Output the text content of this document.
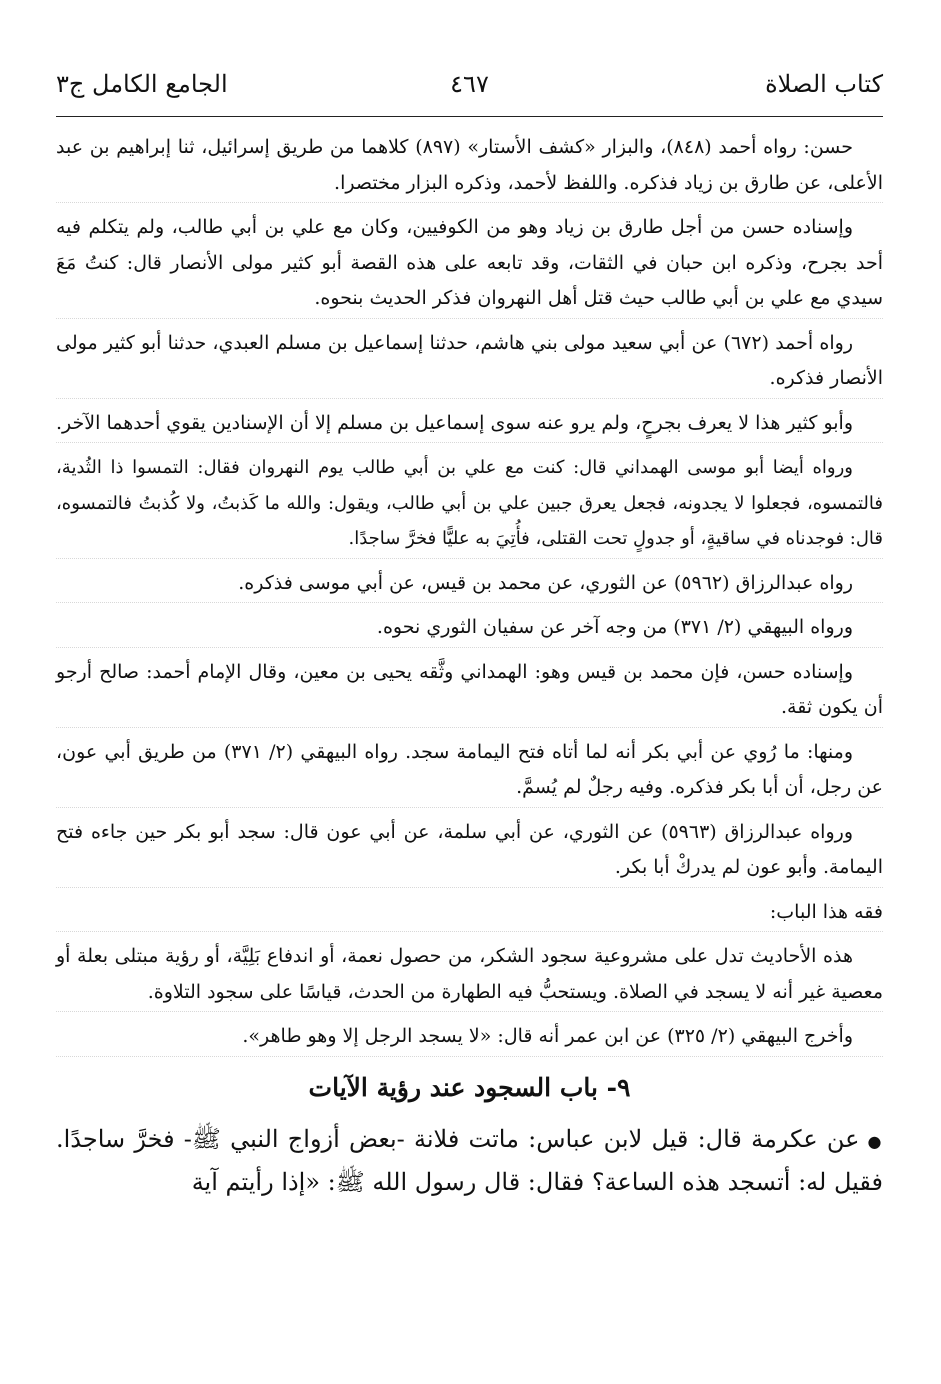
كتاب الصلاة
٤٦٧
الجامع الكامل ج٣

حسن: رواه أحمد (٨٤٨)، والبزار «كشف الأستار» (٨٩٧) كلاهما من طريق إسرائيل، ثنا إبراهيم بن عبد الأعلى، عن طارق بن زياد فذكره. واللفظ لأحمد، وذكره البزار مختصرا.

وإسناده حسن من أجل طارق بن زياد وهو من الكوفيين، وكان مع علي بن أبي طالب، ولم يتكلم فيه أحد بجرح، وذكره ابن حبان في الثقات، وقد تابعه على هذه القصة أبو كثير مولى الأنصار قال: كنتُ مَعَ سيدي مع علي بن أبي طالب حيث قتل أهل النهروان فذكر الحديث بنحوه.

رواه أحمد (٦٧٢) عن أبي سعيد مولى بني هاشم، حدثنا إسماعيل بن مسلم العبدي، حدثنا أبو كثير مولى الأنصار فذكره.

وأبو كثير هذا لا يعرف بجرحٍ، ولم يرو عنه سوى إسماعيل بن مسلم إلا أن الإسنادين يقوي أحدهما الآخر.

ورواه أيضا أبو موسى الهمداني قال: كنت مع علي بن أبي طالب يوم النهروان فقال: التمسوا ذا الثُدية، فالتمسوه، فجعلوا لا يجدونه، فجعل يعرق جبين علي بن أبي طالب، ويقول: والله ما كَذبتُ، ولا كُذبتُ فالتمسوه، قال: فوجدناه في ساقيةٍ، أو جدولٍ تحت القتلى، فأُتِيَ به عليًّا فخرَّ ساجدًا.

رواه عبدالرزاق (٥٩٦٢) عن الثوري، عن محمد بن قيس، عن أبي موسى فذكره.

ورواه البيهقي (٢/ ٣٧١) من وجه آخر عن سفيان الثوري نحوه.

وإسناده حسن، فإن محمد بن قيس وهو: الهمداني وثَّقه يحيى بن معين، وقال الإمام أحمد: صالح أرجو أن يكون ثقة.

ومنها: ما رُوي عن أبي بكر أنه لما أتاه فتح اليمامة سجد. رواه البيهقي (٢/ ٣٧١) من طريق أبي عون، عن رجل، أن أبا بكر فذكره. وفيه رجلٌ لم يُسمَّ.

ورواه عبدالرزاق (٥٩٦٣) عن الثوري، عن أبي سلمة، عن أبي عون قال: سجد أبو بكر حين جاءه فتح اليمامة. وأبو عون لم يدركْ أبا بكر.

فقه هذا الباب:

هذه الأحاديث تدل على مشروعية سجود الشكر، من حصول نعمة، أو اندفاع بَلِيَّة، أو رؤية مبتلى بعلة أو معصية غير أنه لا يسجد في الصلاة. ويستحبُّ فيه الطهارة من الحدث، قياسًا على سجود التلاوة.

وأخرج البيهقي (٢/ ٣٢٥) عن ابن عمر أنه قال: «لا يسجد الرجل إلا وهو طاهر».

٩- باب السجود عند رؤية الآيات

●عن عكرمة قال: قيل لابن عباس: ماتت فلانة -بعض أزواج النبي ﷺ- فخرَّ ساجدًا. فقيل له: أتسجد هذه الساعة؟ فقال: قال رسول الله ﷺ: «إذا رأيتم آية
